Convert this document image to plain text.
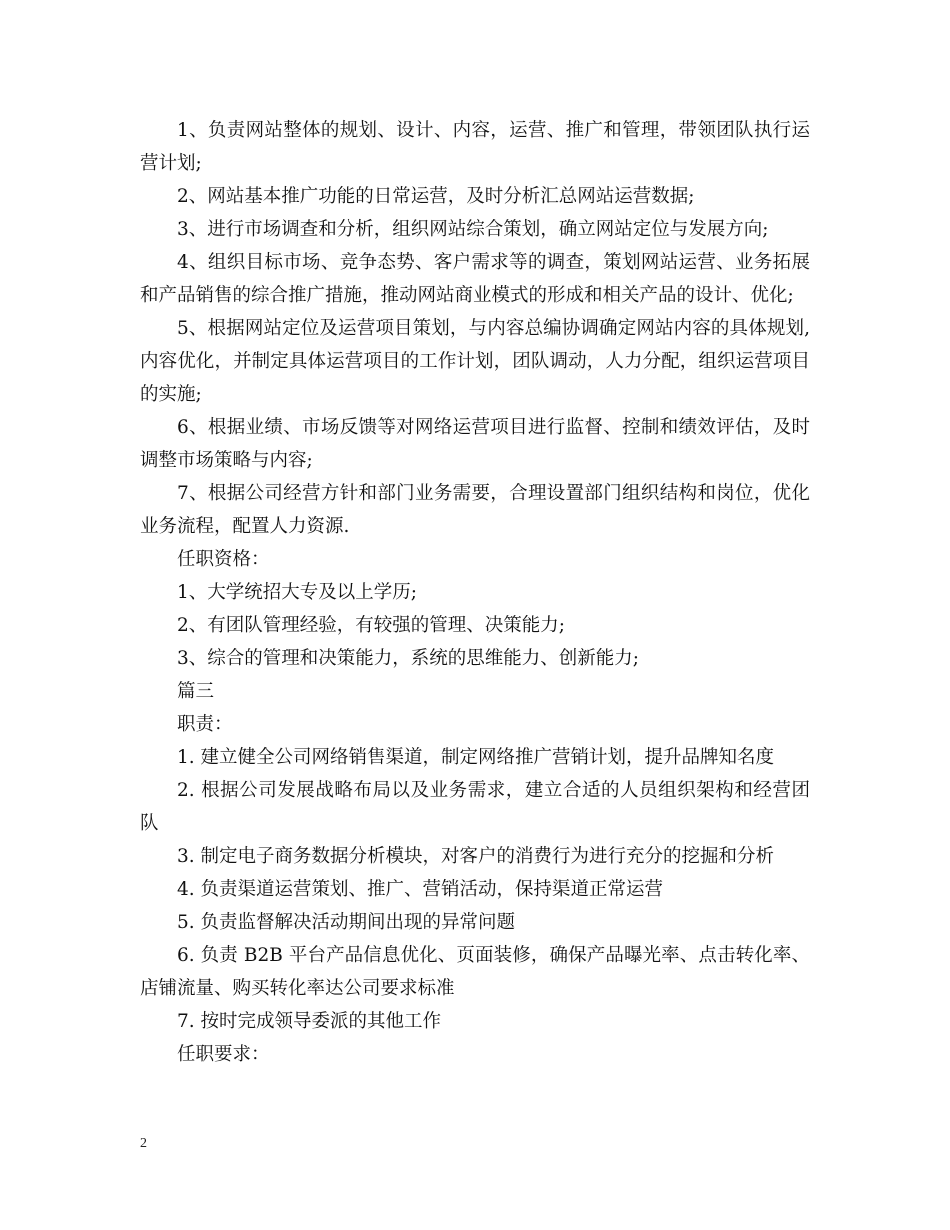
1、负责网站整体的规划、设计、内容，运营、推广和管理，带领团队执行运营计划;

2、网站基本推广功能的日常运营，及时分析汇总网站运营数据;

3、进行市场调查和分析，组织网站综合策划，确立网站定位与发展方向;

4、组织目标市场、竞争态势、客户需求等的调查，策划网站运营、业务拓展和产品销售的综合推广措施，推动网站商业模式的形成和相关产品的设计、优化;

5、根据网站定位及运营项目策划，与内容总编协调确定网站内容的具体规划,内容优化，并制定具体运营项目的工作计划，团队调动，人力分配，组织运营项目的实施;

6、根据业绩、市场反馈等对网络运营项目进行监督、控制和绩效评估，及时调整市场策略与内容;

7、根据公司经营方针和部门业务需要，合理设置部门组织结构和岗位，优化业务流程，配置人力资源.

任职资格：

1、大学统招大专及以上学历;

2、有团队管理经验，有较强的管理、决策能力;

3、综合的管理和决策能力，系统的思维能力、创新能力;

篇三

职责：

1. 建立健全公司网络销售渠道，制定网络推广营销计划，提升品牌知名度

2. 根据公司发展战略布局以及业务需求，建立合适的人员组织架构和经营团队

3. 制定电子商务数据分析模块，对客户的消费行为进行充分的挖掘和分析

4. 负责渠道运营策划、推广、营销活动，保持渠道正常运营

5. 负责监督解决活动期间出现的异常问题

6. 负责 B2B 平台产品信息优化、页面装修，确保产品曝光率、点击转化率、店铺流量、购买转化率达公司要求标准

7. 按时完成领导委派的其他工作

任职要求：

2
